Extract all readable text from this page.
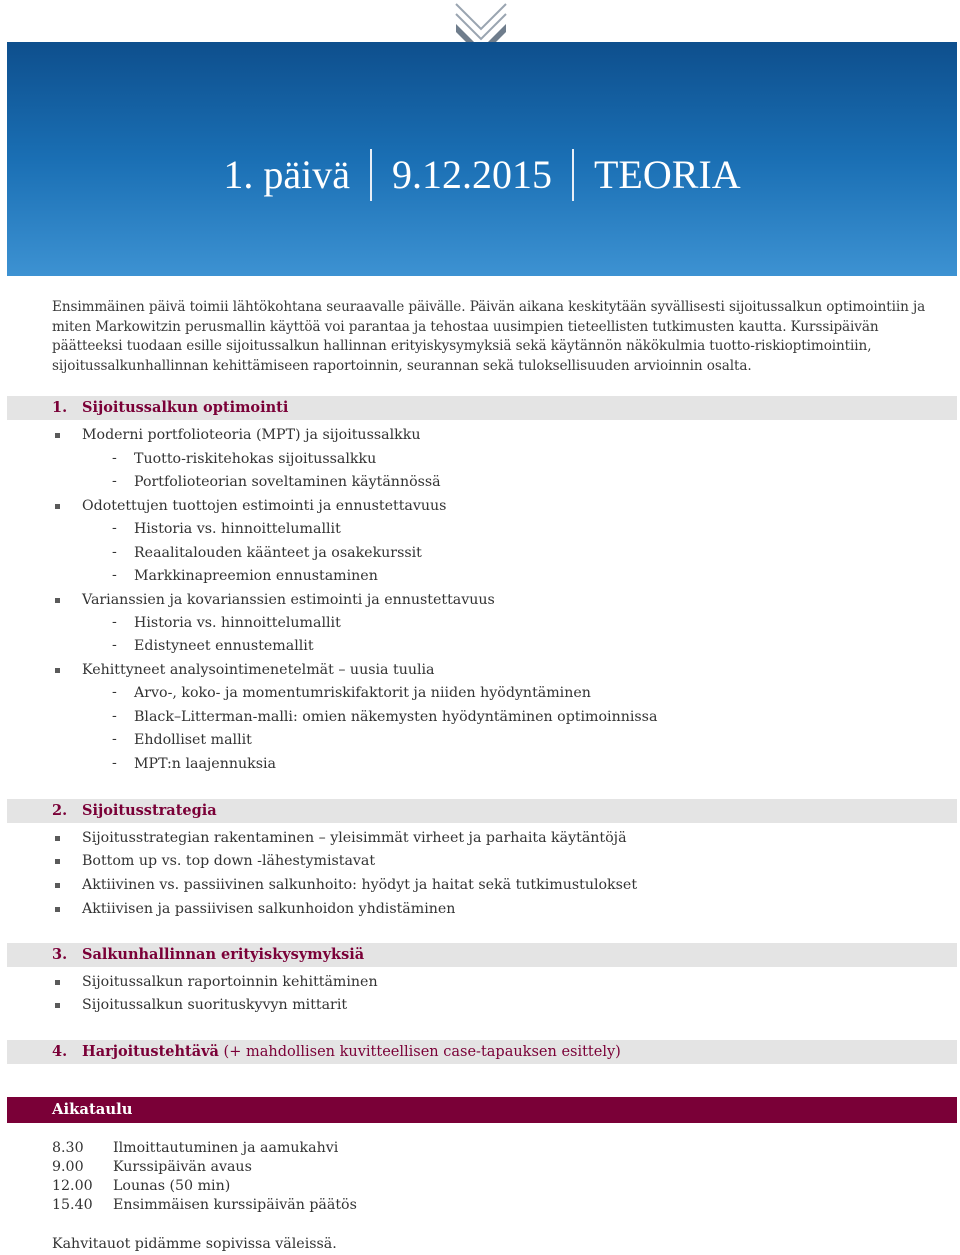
1. päivä	9.12.2015	TEORIA

Ensimmäinen päivä toimii lähtökohtana seuraavalle päivälle. Päivän aikana keskitytään syvällisesti sijoitussalkun optimointiin ja miten Markowitzin perusmallin käyttöä voi parantaa ja tehostaa uusimpien tieteellisten tutkimusten kautta. Kurssipäivän päätteeksi tuodaan esille sijoitussalkun hallinnan erityiskysymyksiä sekä käytännön näkökulmia tuotto-riskioptimointiin, sijoitussalkunhallinnan kehittämiseen raportoinnin, seurannan sekä tuloksellisuuden arvioinnin osalta.

1. Sijoitussalkun optimointi
Moderni portfolioteoria (MPT) ja sijoitussalkku
- Tuotto-riskitehokas sijoitussalkku
- Portfolioteorian soveltaminen käytännössä
Odotettujen tuottojen estimointi ja ennustettavuus
- Historia vs. hinnoittelumallit
- Reaalitalouden käänteet ja osakekurssit
- Markkinapreemion ennustaminen
Varianssien ja kovarianssien estimointi ja ennustettavuus
- Historia vs. hinnoittelumallit
- Edistyneet ennustemallit
Kehittyneet analysointimenetelmät – uusia tuulia
- Arvo-, koko- ja momentumriskifaktorit ja niiden hyödyntäminen
- Black–Litterman-malli: omien näkemysten hyödyntäminen optimoinnissa
- Ehdolliset mallit
- MPT:n laajennuksia
2. Sijoitusstrategia
Sijoitusstrategian rakentaminen – yleisimmät virheet ja parhaita käytäntöjä
Bottom up vs. top down -lähestymistavat
Aktiivinen vs. passiivinen salkunhoito: hyödyt ja haitat sekä tutkimustulokset
Aktiivisen ja passiivisen salkunhoidon yhdistäminen
3. Salkunhallinnan erityiskysymyksiä
Sijoitussalkun raportoinnin kehittäminen
Sijoitussalkun suorituskyvyn mittarit
4. Harjoitustehtävä (+ mahdollisen kuvitteellisen case-tapauksen esittely)
Aikataulu
8.30 Ilmoittautuminen ja aamukahvi
9.00 Kurssipäivän avaus
12.00 Lounas (50 min)
15.40 Ensimmäisen kurssipäivän päätös
Kahvitauot pidämme sopivissa väleissä.
